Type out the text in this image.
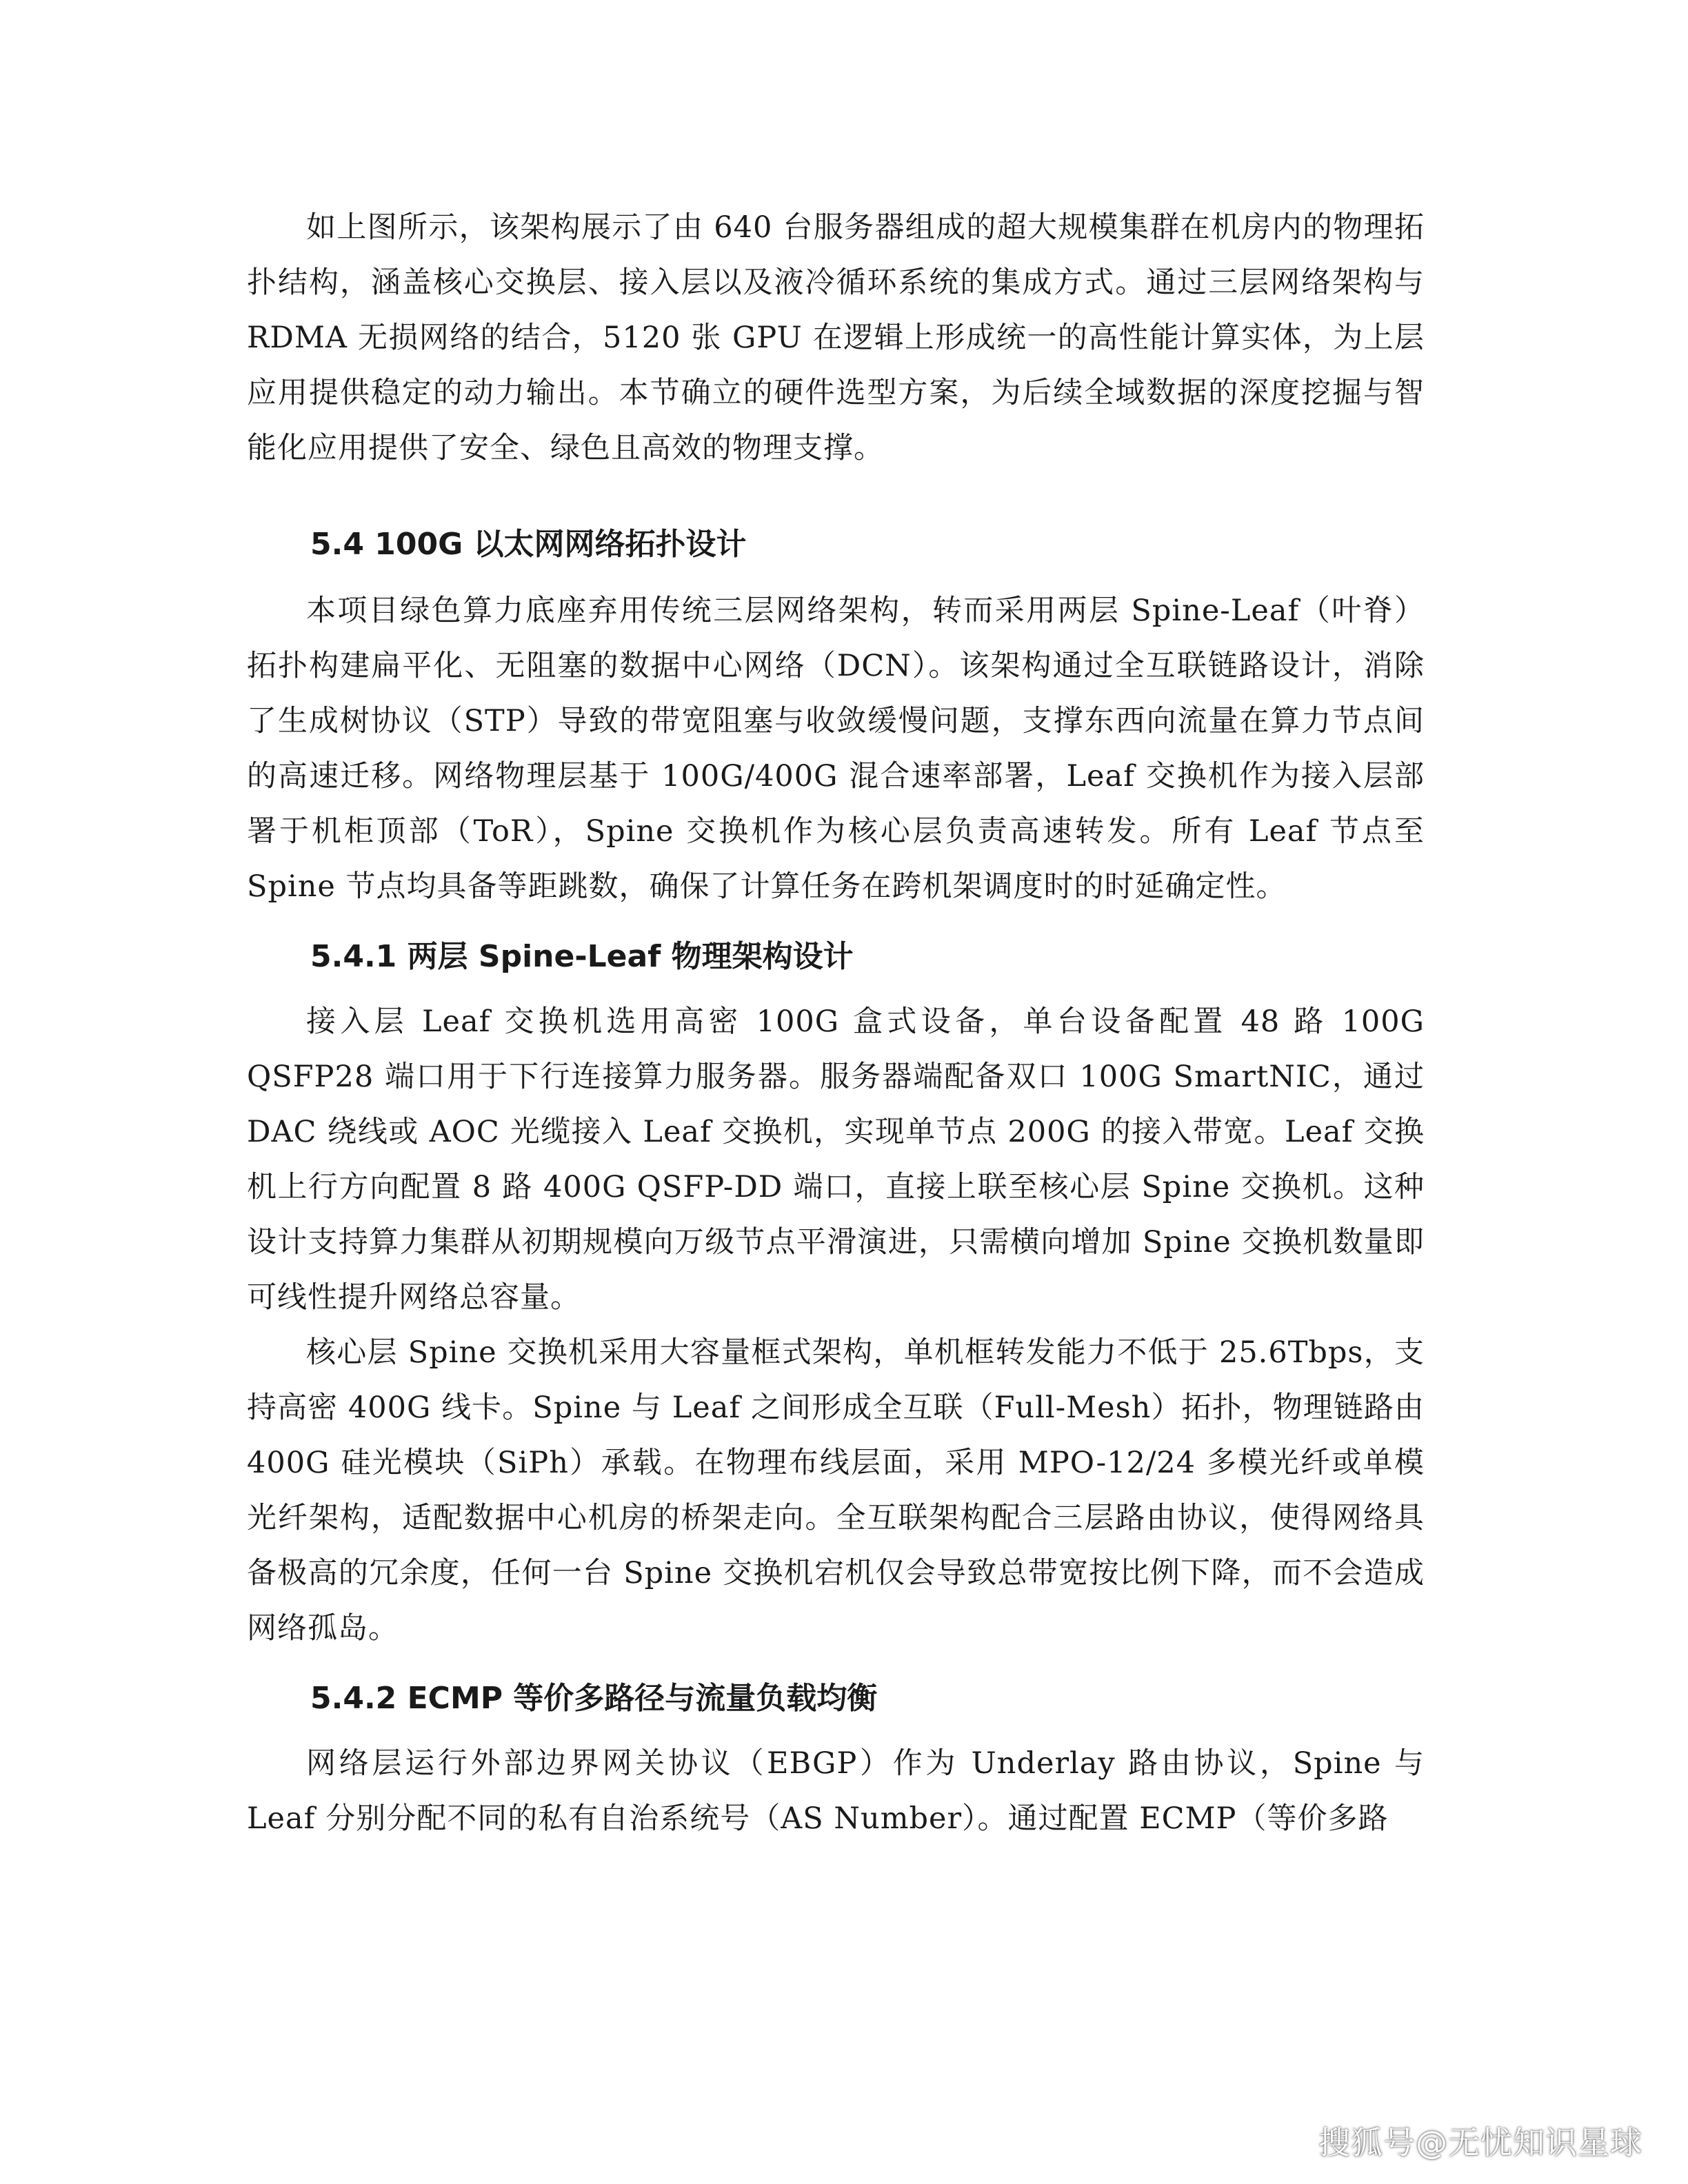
如上图所示，该架构展示了由 640 台服务器组成的超大规模集群在机房内的物理拓扑结构，涵盖核心交换层、接入层以及液冷循环系统的集成方式。通过三层网络架构与 RDMA 无损网络的结合，5120 张 GPU 在逻辑上形成统一的高性能计算实体，为上层应用提供稳定的动力输出。本节确立的硬件选型方案，为后续全域数据的深度挖掘与智能化应用提供了安全、绿色且高效的物理支撑。

5.4 100G 以太网网络拓扑设计

本项目绿色算力底座弃用传统三层网络架构，转而采用两层 Spine-Leaf（叶脊）拓扑构建扁平化、无阻塞的数据中心网络（DCN）。该架构通过全互联链路设计，消除了生成树协议（STP）导致的带宽阻塞与收敛缓慢问题，支撑东西向流量在算力节点间的高速迁移。网络物理层基于 100G/400G 混合速率部署，Leaf 交换机作为接入层部署于机柜顶部（ToR），Spine 交换机作为核心层负责高速转发。所有 Leaf 节点至 Spine 节点均具备等距跳数，确保了计算任务在跨机架调度时的时延确定性。

5.4.1 两层 Spine-Leaf 物理架构设计

接入层 Leaf 交换机选用高密 100G 盒式设备，单台设备配置 48 路 100G QSFP28 端口用于下行连接算力服务器。服务器端配备双口 100G SmartNIC，通过 DAC 绕线或 AOC 光缆接入 Leaf 交换机，实现单节点 200G 的接入带宽。Leaf 交换机上行方向配置 8 路 400G QSFP-DD 端口，直接上联至核心层 Spine 交换机。这种设计支持算力集群从初期规模向万级节点平滑演进，只需横向增加 Spine 交换机数量即可线性提升网络总容量。

核心层 Spine 交换机采用大容量框式架构，单机框转发能力不低于 25.6Tbps，支持高密 400G 线卡。Spine 与 Leaf 之间形成全互联（Full-Mesh）拓扑，物理链路由 400G 硅光模块（SiPh）承载。在物理布线层面，采用 MPO-12/24 多模光纤或单模光纤架构，适配数据中心机房的桥架走向。全互联架构配合三层路由协议，使得网络具备极高的冗余度，任何一台 Spine 交换机宕机仅会导致总带宽按比例下降，而不会造成网络孤岛。

5.4.2 ECMP 等价多路径与流量负载均衡

网络层运行外部边界网关协议（EBGP）作为 Underlay 路由协议，Spine 与 Leaf 分别分配不同的私有自治系统号（AS Number）。通过配置 ECMP（等价多路

搜狐号@无忧知识星球
